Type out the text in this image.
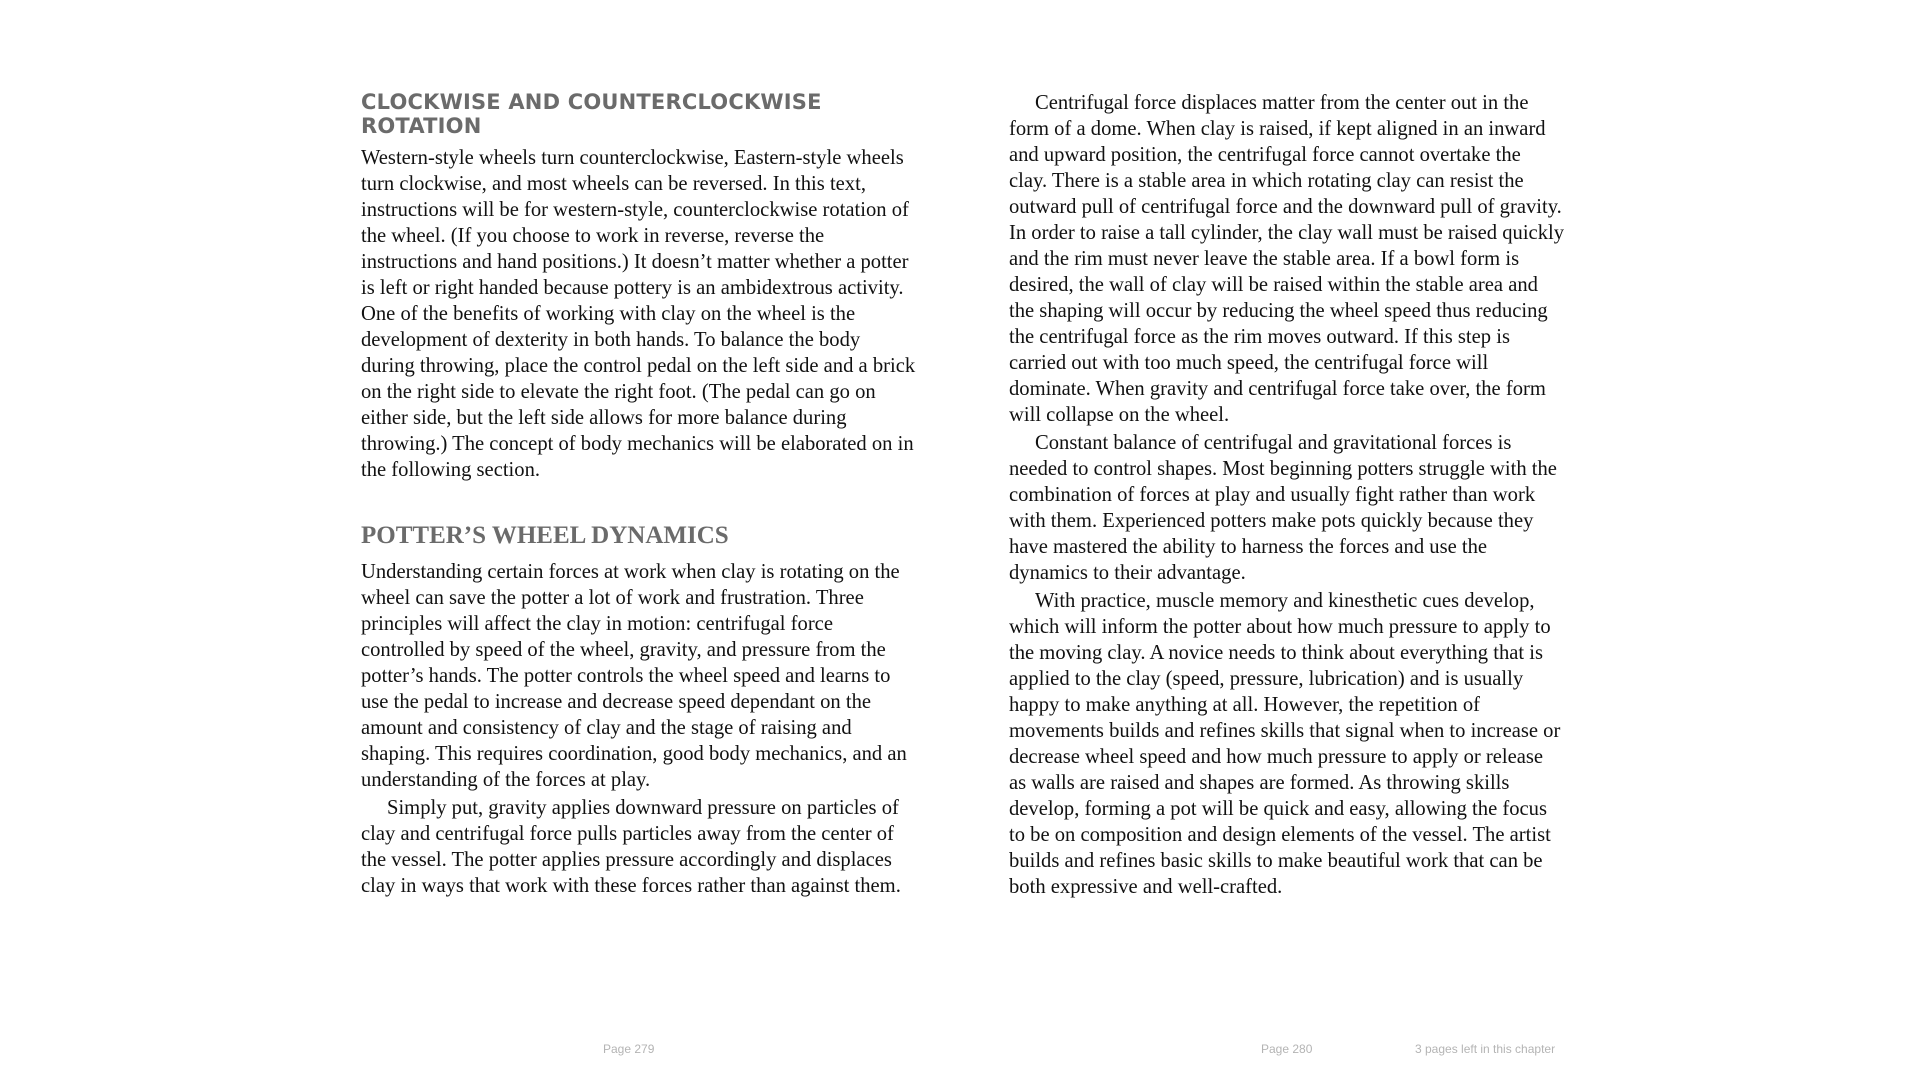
CLOCKWISE AND COUNTERCLOCKWISE ROTATION

Western-style wheels turn counterclockwise, Eastern-style wheels turn clockwise, and most wheels can be reversed. In this text, instructions will be for western-style, counterclockwise rotation of the wheel. (If you choose to work in reverse, reverse the instructions and hand positions.) It doesn’t matter whether a potter is left or right handed because pottery is an ambidextrous activity. One of the benefits of working with clay on the wheel is the development of dexterity in both hands. To balance the body during throwing, place the control pedal on the left side and a brick on the right side to elevate the right foot. (The pedal can go on either side, but the left side allows for more balance during throwing.) The concept of body mechanics will be elaborated on in the following section.

POTTER’S WHEEL DYNAMICS

Understanding certain forces at work when clay is rotating on the wheel can save the potter a lot of work and frustration. Three principles will affect the clay in motion: centrifugal force controlled by speed of the wheel, gravity, and pressure from the potter’s hands. The potter controls the wheel speed and learns to use the pedal to increase and decrease speed dependant on the amount and consistency of clay and the stage of raising and shaping. This requires coordination, good body mechanics, and an understanding of the forces at play.

Simply put, gravity applies downward pressure on particles of clay and centrifugal force pulls particles away from the center of the vessel. The potter applies pressure accordingly and displaces clay in ways that work with these forces rather than against them.

Page 279

Centrifugal force displaces matter from the center out in the form of a dome. When clay is raised, if kept aligned in an inward and upward position, the centrifugal force cannot overtake the clay. There is a stable area in which rotating clay can resist the outward pull of centrifugal force and the downward pull of gravity. In order to raise a tall cylinder, the clay wall must be raised quickly and the rim must never leave the stable area. If a bowl form is desired, the wall of clay will be raised within the stable area and the shaping will occur by reducing the wheel speed thus reducing the centrifugal force as the rim moves outward. If this step is carried out with too much speed, the centrifugal force will dominate. When gravity and centrifugal force take over, the form will collapse on the wheel.

Constant balance of centrifugal and gravitational forces is needed to control shapes. Most beginning potters struggle with the combination of forces at play and usually fight rather than work with them. Experienced potters make pots quickly because they have mastered the ability to harness the forces and use the dynamics to their advantage.

With practice, muscle memory and kinesthetic cues develop, which will inform the potter about how much pressure to apply to the moving clay. A novice needs to think about everything that is applied to the clay (speed, pressure, lubrication) and is usually happy to make anything at all. However, the repetition of movements builds and refines skills that signal when to increase or decrease wheel speed and how much pressure to apply or release as walls are raised and shapes are formed. As throwing skills develop, forming a pot will be quick and easy, allowing the focus to be on composition and design elements of the vessel. The artist builds and refines basic skills to make beautiful work that can be both expressive and well-crafted.

Page 280	3 pages left in this chapter
